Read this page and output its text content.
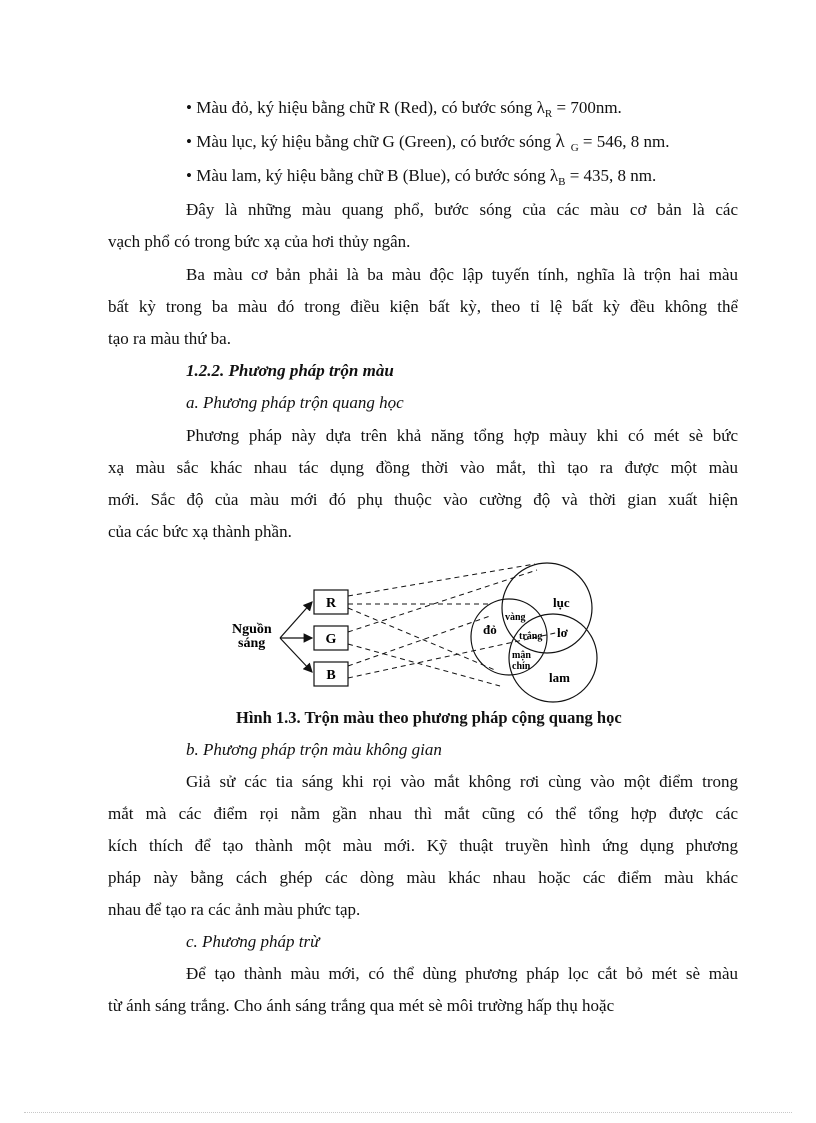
• Màu đỏ, ký hiệu bằng chữ R (Red), có bước sóng $\lambda_R = 700nm$.
• Màu lục, ký hiệu bằng chữ G (Green), có bước sóng λ $_G$ = 546, 8 nm.
• Màu lam, ký hiệu bằng chữ B (Blue), có bước sóng $\lambda_B = 435$, 8 nm.
Đây là những màu quang phổ, bước sóng của các màu cơ bản là các
vạch phổ có trong bức xạ của hơi thủy ngân.
Ba màu cơ bản phải là ba màu độc lập tuyến tính, nghĩa là trộn hai màu
bất kỳ trong ba màu đó trong điều kiện bất kỳ, theo tỉ lệ bất kỳ đều không thể
tạo ra màu thứ ba.
1.2.2. Phương pháp trộn màu
a. Phương pháp trộn quang học
Phương pháp này dựa trên khả năng tổng hợp màuy khi có mét sè bức
xạ màu sắc khác nhau tác dụng đồng thời vào mắt, thì tạo ra được một màu
mới. Sắc độ của màu mới đó phụ thuộc vào cường độ và thời gian xuất hiện
của các bức xạ thành phần.
Nguồn
sáng
R
G
B
đỏ
lục
lam
vàng
trắng lơ
mận
chín
Hình 1.3. Trộn màu theo phương pháp cộng quang học
b. Phương pháp trộn màu không gian
Giả sử các tia sáng khi rọi vào mắt không rơi cùng vào một điểm trong
mắt mà các điểm rọi nằm gần nhau thì mắt cũng có thể tổng hợp được các
kích thích để tạo thành một màu mới. Kỹ thuật truyền hình ứng dụng phương
pháp này bằng cách ghép các dòng màu khác nhau hoặc các điểm màu khác
nhau để tạo ra các ảnh màu phức tạp.
c. Phương pháp trừ
Để tạo thành màu mới, có thể dùng phương pháp lọc cắt bỏ mét sè màu
từ ánh sáng trắng. Cho ánh sáng trắng qua mét sè môi trường hấp thụ hoặc
